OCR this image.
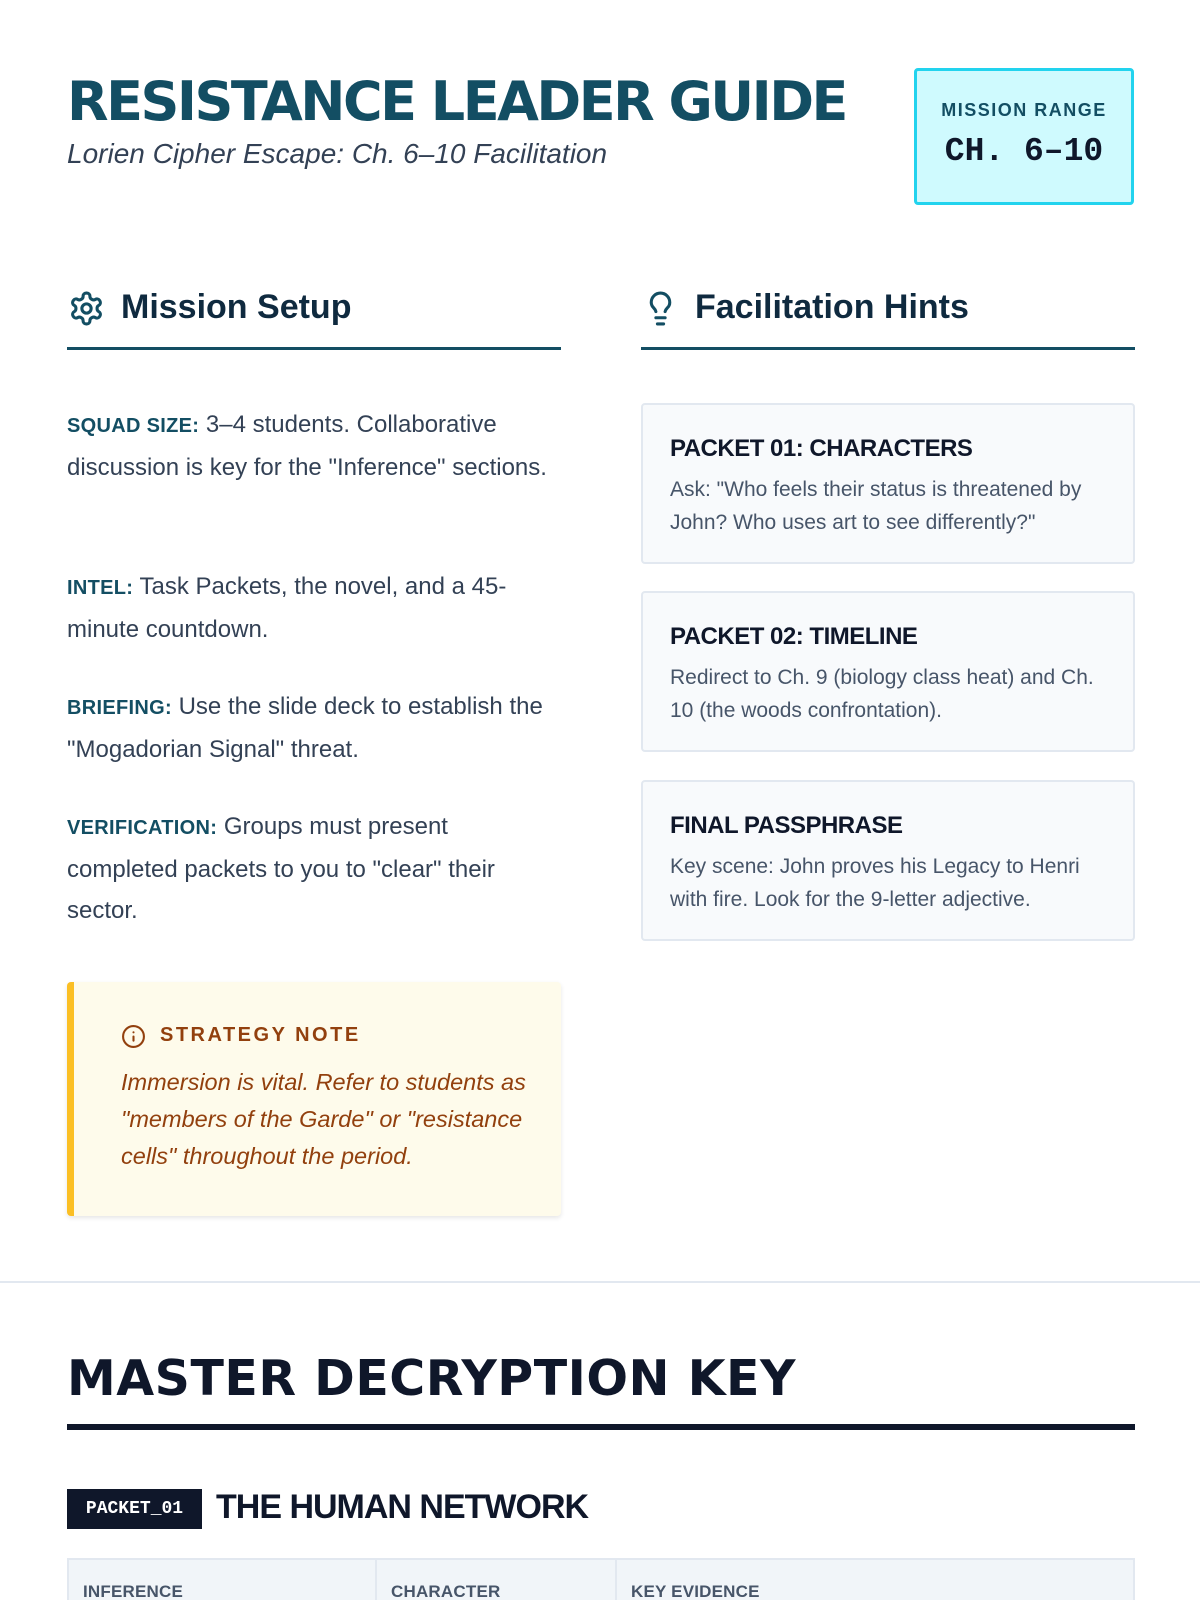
RESISTANCE LEADER GUIDE
Lorien Cipher Escape: Ch. 6–10 Facilitation
MISSION RANGE
CH. 6–10
Mission Setup	Facilitation Hints
SQUAD SIZE: 3–4 students. Collaborative discussion is key for the "Inference" sections.
INTEL: Task Packets, the novel, and a 45-minute countdown.
BRIEFING: Use the slide deck to establish the "Mogadorian Signal" threat.
VERIFICATION: Groups must present completed packets to you to "clear" their sector.
PACKET 01: CHARACTERS
Ask: "Who feels their status is threatened by John? Who uses art to see differently?"
PACKET 02: TIMELINE
Redirect to Ch. 9 (biology class heat) and Ch. 10 (the woods confrontation).
FINAL PASSPHRASE
Key scene: John proves his Legacy to Henri with fire. Look for the 9-letter adjective.
STRATEGY NOTE
Immersion is vital. Refer to students as "members of the Garde" or "resistance cells" throughout the period.
MASTER DECRYPTION KEY
PACKET_01 THE HUMAN NETWORK
INFERENCE	CHARACTER	KEY EVIDENCE
